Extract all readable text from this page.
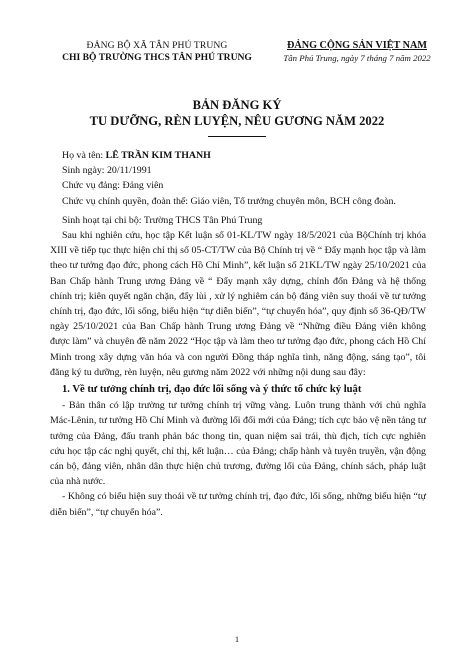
ĐẢNG BỘ XÃ TÂN PHÚ TRUNG
CHI BỘ TRƯỜNG THCS TÂN PHÚ TRUNG
ĐẢNG CỘNG SẢN VIỆT NAM
Tân Phú Trung, ngày 7 tháng 7 năm 2022
BẢN ĐĂNG KÝ
TU DƯỠNG, RÈN LUYỆN, NÊU GƯƠNG NĂM 2022

Họ và tên: LÊ TRẦN KIM THANH

Sinh ngày: 20/11/1991

Chức vụ đảng: Đảng viên

Chức vụ chính quyền, đoàn thể: Giáo viên, Tổ trưởng chuyên môn, BCH công đoàn.

Sinh hoạt tại chi bộ: Trường THCS Tân Phú Trung

Sau khi nghiên cứu, học tập Kết luận số 01-KL/TW ngày 18/5/2021 của BộChính trị khóa XIII về tiếp tục thực hiện chỉ thị số 05-CT/TW của Bộ Chính trị về “ Đẩy mạnh học tập và làm theo tư tưởng đạo đức, phong cách Hồ Chí Minh”, kết luận số 21KL/TW ngày 25/10/2021 của Ban Chấp hành Trung ương Đảng về “ Đẩy mạnh xây dựng, chỉnh đốn Đảng và hệ thống chính trị; kiên quyết ngăn chặn, đẩy lùi , xử lý nghiêm cán bộ đảng viên suy thoái về tư tưởng chính trị, đạo đức, lối sống, biểu hiện “tự diễn biến”, “tự chuyển hóa”, quy định số 36-QĐ/TW ngày 25/10/2021 của Ban Chấp hành Trung ương Đảng về “Những điều Đảng viên không được làm” và chuyên đề năm 2022 “Học tập và làm theo tư tưởng đạo đức, phong cách Hồ Chí Minh trong xây dựng văn hóa và con người Đồng tháp nghĩa tình, năng động, sáng tạo”, tôi đăng ký tu dưỡng, rèn luyện, nêu gương năm 2022 với những nội dung sau đây:

1. Về tư tưởng chính trị, đạo đức lối sống và ý thức tổ chức kỷ luật

- Bản thân có lập trường tư tưởng chính trị vững vàng. Luôn trung thành với chủ nghĩa Mác-Lênin, tư tưởng Hồ Chí Minh và đường lối đổi mới của Đảng; tích cực bảo vệ nền tảng tư tưởng của Đảng, đấu tranh phản bác thong tin, quan niệm sai trái, thù địch, tích cực nghiên cứu học tập các nghị quyết, chỉ thị, kết luận… của Đảng; chấp hành và tuyên truyền, vận động cán bộ, đảng viên, nhân dân thực hiện chủ trương, đường lối của Đảng, chính sách, pháp luật của nhà nước.

- Không có biểu hiện suy thoái về tư tưởng chính trị, đạo đức, lối sống, những biểu hiện “tự diễn biến”, “tự chuyển hóa”.

1
